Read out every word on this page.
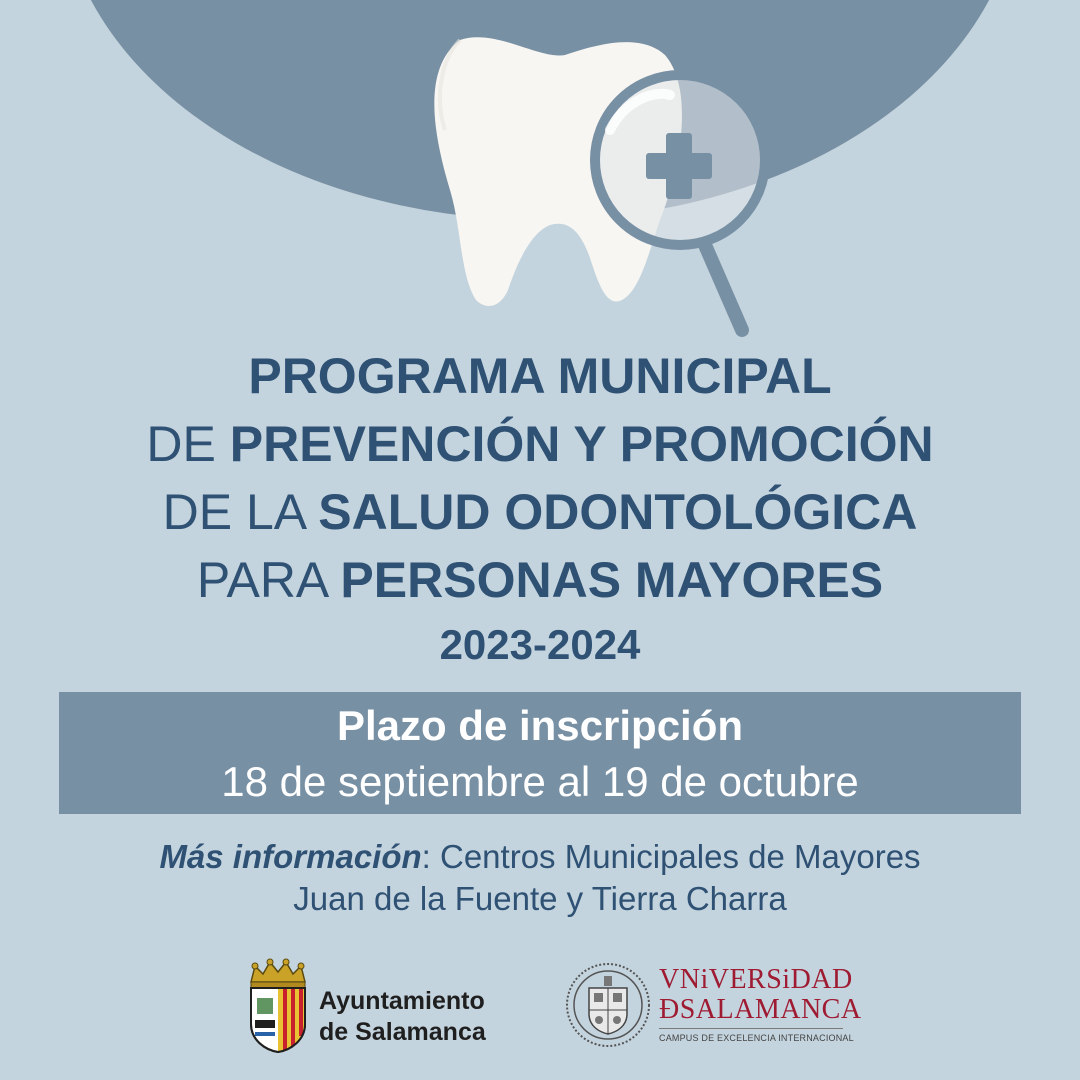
PROGRAMA MUNICIPAL
DE PREVENCIÓN Y PROMOCIÓN
DE LA SALUD ODONTOLÓGICA
PARA PERSONAS MAYORES
2023-2024
Plazo de inscripción
18 de septiembre al 19 de octubre
Más información: Centros Municipales de Mayores
Juan de la Fuente y Tierra Charra
Ayuntamiento
de Salamanca
VNiVERSiDAD
ÐSALAMANCA
CAMPUS DE EXCELENCIA INTERNACIONAL
